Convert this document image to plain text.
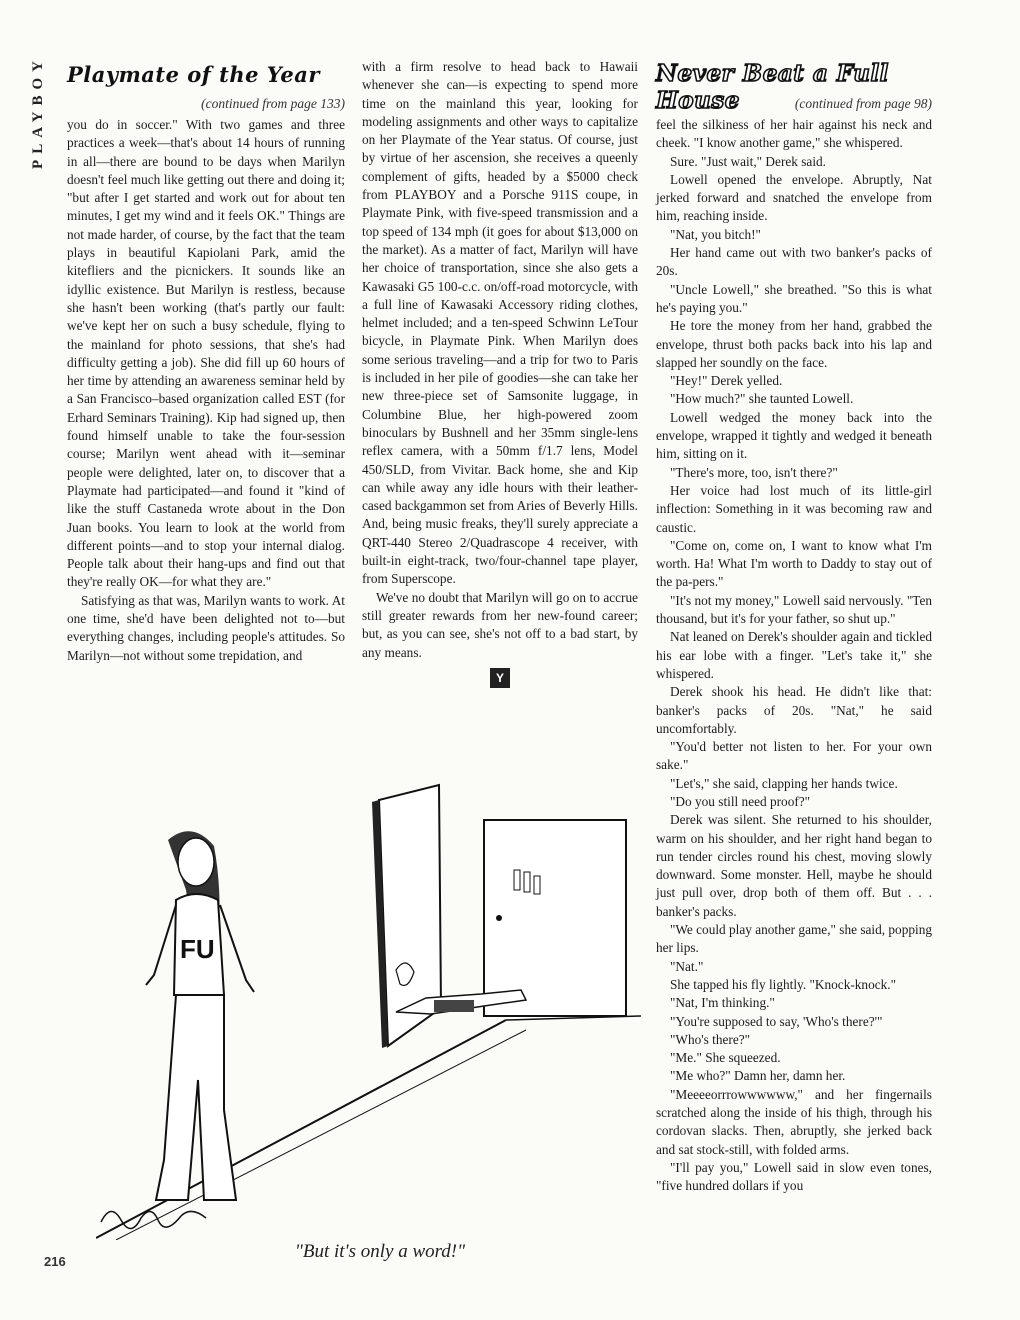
PLAYBOY Playmate of the Year
(continued from page 133)

you do in soccer." With two games and three practices a week—that's about 14 hours of running in all—there are bound to be days when Marilyn doesn't feel much like getting out there and doing it; "but after I get started and work out for about ten minutes, I get my wind and it feels OK." Things are not made harder, of course, by the fact that the team plays in beautiful Kapiolani Park, amid the kitefliers and the picnickers. It sounds like an idyllic existence. But Marilyn is restless, because she hasn't been working (that's partly our fault: we've kept her on such a busy schedule, flying to the mainland for photo sessions, that she's had difficulty getting a job). She did fill up 60 hours of her time by attending an awareness seminar held by a San Francisco–based organization called EST (for Erhard Seminars Training). Kip had signed up, then found himself unable to take the four-session course; Marilyn went ahead with it—seminar people were delighted, later on, to discover that a Playmate had participated—and found it "kind of like the stuff Castaneda wrote about in the Don Juan books. You learn to look at the world from different points—and to stop your internal dialog. People talk about their hang-ups and find out that they're really OK—for what they are."

Satisfying as that was, Marilyn wants to work. At one time, she'd have been delighted not to—but everything changes, including people's attitudes. So Marilyn—not without some trepidation, and

with a firm resolve to head back to Hawaii whenever she can—is expecting to spend more time on the mainland this year, looking for modeling assignments and other ways to capitalize on her Playmate of the Year status. Of course, just by virtue of her ascension, she receives a queenly complement of gifts, headed by a $5000 check from PLAYBOY and a Porsche 911S coupe, in Playmate Pink, with five-speed transmission and a top speed of 134 mph (it goes for about $13,000 on the market). As a matter of fact, Marilyn will have her choice of transportation, since she also gets a Kawasaki G5 100-c.c. on/off-road motorcycle, with a full line of Kawasaki Accessory riding clothes, helmet included; and a ten-speed Schwinn LeTour bicycle, in Playmate Pink. When Marilyn does some serious traveling—and a trip for two to Paris is included in her pile of goodies—she can take her new three-piece set of Samsonite luggage, in Columbine Blue, her high-powered zoom binoculars by Bushnell and her 35mm single-lens reflex camera, with a 50mm f/1.7 lens, Model 450/SLD, from Vivitar. Back home, she and Kip can while away any idle hours with their leather-cased backgammon set from Aries of Beverly Hills. And, being music freaks, they'll surely appreciate a QRT-440 Stereo 2/Quadrascope 4 receiver, with built-in eight-track, two/four-channel tape player, from Superscope.

We've no doubt that Marilyn will go on to accrue still greater rewards from her new-found career; but, as you can see, she's not off to a bad start, by any means.

Y
Never Beat a Full House	(continued from page 98)

feel the silkiness of her hair against his neck and cheek. "I know another game," she whispered.

Sure. "Just wait," Derek said.

Lowell opened the envelope. Abruptly, Nat jerked forward and snatched the envelope from him, reaching inside.

"Nat, you bitch!"

Her hand came out with two banker's packs of 20s.

"Uncle Lowell," she breathed. "So this is what he's paying you."

He tore the money from her hand, grabbed the envelope, thrust both packs back into his lap and slapped her soundly on the face.

"Hey!" Derek yelled.

"How much?" she taunted Lowell.

Lowell wedged the money back into the envelope, wrapped it tightly and wedged it beneath him, sitting on it.

"There's more, too, isn't there?"

Her voice had lost much of its little-girl inflection: Something in it was becoming raw and caustic.

"Come on, come on, I want to know what I'm worth. Ha! What I'm worth to Daddy to stay out of the pa-pers."

"It's not my money," Lowell said nervously. "Ten thousand, but it's for your father, so shut up."

Nat leaned on Derek's shoulder again and tickled his ear lobe with a finger. "Let's take it," she whispered.

Derek shook his head. He didn't like that: banker's packs of 20s. "Nat," he said uncomfortably.

"You'd better not listen to her. For your own sake."

"Let's," she said, clapping her hands twice.

"Do you still need proof?"

Derek was silent. She returned to his shoulder, warm on his shoulder, and her right hand began to run tender circles round his chest, moving slowly downward. Some monster. Hell, maybe he should just pull over, drop both of them off. But . . . banker's packs.

"We could play another game," she said, popping her lips.

"Nat."

She tapped his fly lightly. "Knock-knock."

"Nat, I'm thinking."

"You're supposed to say, 'Who's there?'"

"Who's there?"

"Me." She squeezed.

"Me who?" Damn her, damn her.

"Meeeeorrrowwwwww," and her fingernails scratched along the inside of his thigh, through his cordovan slacks. Then, abruptly, she jerked back and sat stock-still, with folded arms.

"I'll pay you," Lowell said in slow even tones, "five hundred dollars if you

FU
"But it's only a word!"
216
